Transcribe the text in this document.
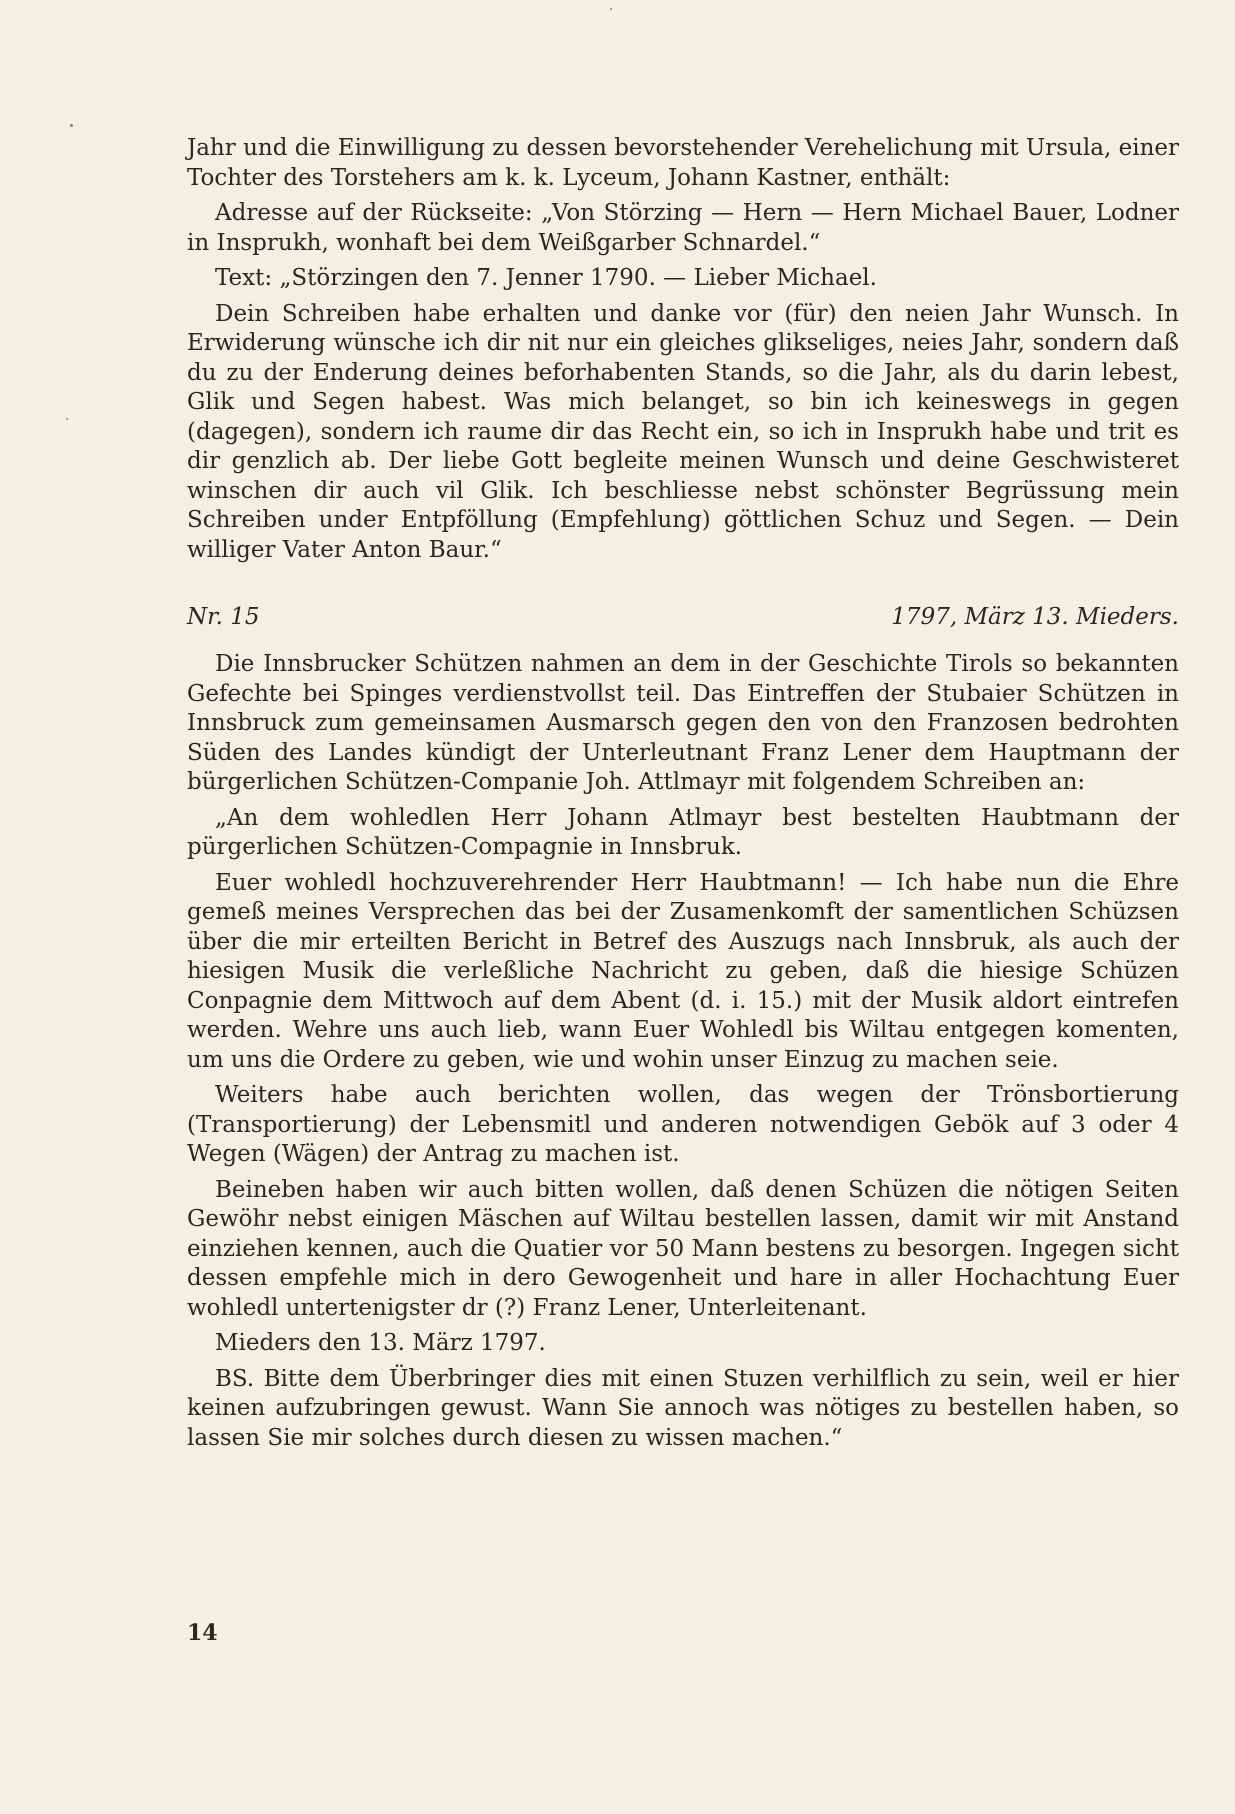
Jahr und die Einwilligung zu dessen bevorstehender Verehelichung mit Ursula, einer Tochter des Torstehers am k. k. Lyceum, Johann Kastner, enthält:

Adresse auf der Rückseite: „Von Störzing — Hern — Hern Michael Bauer, Lodner in Insprukh, wonhaft bei dem Weißgarber Schnardel.“

Text: „Störzingen den 7. Jenner 1790. — Lieber Michael.

Dein Schreiben habe erhalten und danke vor (für) den neien Jahr Wunsch. In Erwiderung wünsche ich dir nit nur ein gleiches glikseliges, neies Jahr, sondern daß du zu der Enderung deines beforhabenten Stands, so die Jahr, als du darin lebest, Glik und Segen habest. Was mich belanget, so bin ich keineswegs in gegen (dagegen), sondern ich raume dir das Recht ein, so ich in Insprukh habe und trit es dir genzlich ab. Der liebe Gott begleite meinen Wunsch und deine Geschwisteret winschen dir auch vil Glik. Ich beschliesse nebst schönster Begrüssung mein Schreiben under Entpföllung (Empfehlung) göttlichen Schuz und Segen. — Dein williger Vater Anton Baur.“

Nr. 15	1797, März 13. Mieders.

Die Innsbrucker Schützen nahmen an dem in der Geschichte Tirols so bekannten Gefechte bei Spinges verdienstvollst teil. Das Eintreffen der Stubaier Schützen in Innsbruck zum gemeinsamen Ausmarsch gegen den von den Franzosen bedrohten Süden des Landes kündigt der Unterleutnant Franz Lener dem Hauptmann der bürgerlichen Schützen-Companie Joh. Attlmayr mit folgendem Schreiben an:

„An dem wohledlen Herr Johann Atlmayr best bestelten Haubtmann der pürgerlichen Schützen-Compagnie in Innsbruk.

Euer wohledl hochzuverehrender Herr Haubtmann! — Ich habe nun die Ehre gemeß meines Versprechen das bei der Zusamenkomft der samentlichen Schüzsen über die mir erteilten Bericht in Betref des Auszugs nach Innsbruk, als auch der hiesigen Musik die verleßliche Nachricht zu geben, daß die hiesige Schüzen Conpagnie dem Mittwoch auf dem Abent (d. i. 15.) mit der Musik aldort eintrefen werden. Wehre uns auch lieb, wann Euer Wohledl bis Wiltau entgegen komenten, um uns die Ordere zu geben, wie und wohin unser Einzug zu machen seie.

Weiters habe auch berichten wollen, das wegen der Trönsbortierung (Transportierung) der Lebensmitl und anderen notwendigen Gebök auf 3 oder 4 Wegen (Wägen) der Antrag zu machen ist.

Beineben haben wir auch bitten wollen, daß denen Schüzen die nötigen Seiten Gewöhr nebst einigen Mäschen auf Wiltau bestellen lassen, damit wir mit Anstand einziehen kennen, auch die Quatier vor 50 Mann bestens zu besorgen. Ingegen sicht dessen empfehle mich in dero Gewogenheit und hare in aller Hochachtung Euer wohledl untertenigster dr (?) Franz Lener, Unterleitenant.

Mieders den 13. März 1797.

BS. Bitte dem Überbringer dies mit einen Stuzen verhilflich zu sein, weil er hier keinen aufzubringen gewust. Wann Sie annoch was nötiges zu bestellen haben, so lassen Sie mir solches durch diesen zu wissen machen.“

14
